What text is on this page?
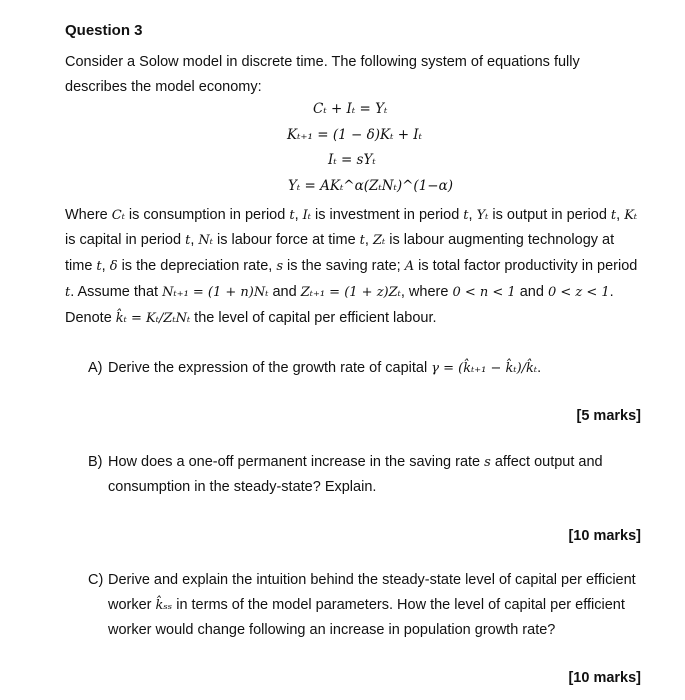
Question 3
Consider a Solow model in discrete time. The following system of equations fully
describes the model economy:
Cₜ + Iₜ = Yₜ
Kₜ₊₁ = (1 − δ)Kₜ + Iₜ
Iₜ = sYₜ
Yₜ = AKₜ^α(ZₜNₜ)^(1−α)
Where Cₜ is consumption in period t, Iₜ is investment in period t, Yₜ is output in period t, Kₜ
is capital in period t, Nₜ is labour force at time t, Zₜ is labour augmenting technology at
time t, δ is the depreciation rate, s is the saving rate; A is total factor productivity in period
t. Assume that Nₜ₊₁ = (1 + n)Nₜ and Zₜ₊₁ = (1 + z)Zₜ, where 0 < n < 1 and 0 < z < 1.
Denote k̂ₜ = Kₜ/ZₜNₜ the level of capital per efficient labour.
A) Derive the expression of the growth rate of capital γ = (k̂ₜ₊₁ − k̂ₜ)/k̂ₜ.
[5 marks]
B) How does a one-off permanent increase in the saving rate s affect output and
consumption in the steady-state? Explain.
[10 marks]
C) Derive and explain the intuition behind the steady-state level of capital per efficient
worker k̂ₛₛ in terms of the model parameters. How the level of capital per efficient
worker would change following an increase in population growth rate?
[10 marks]
